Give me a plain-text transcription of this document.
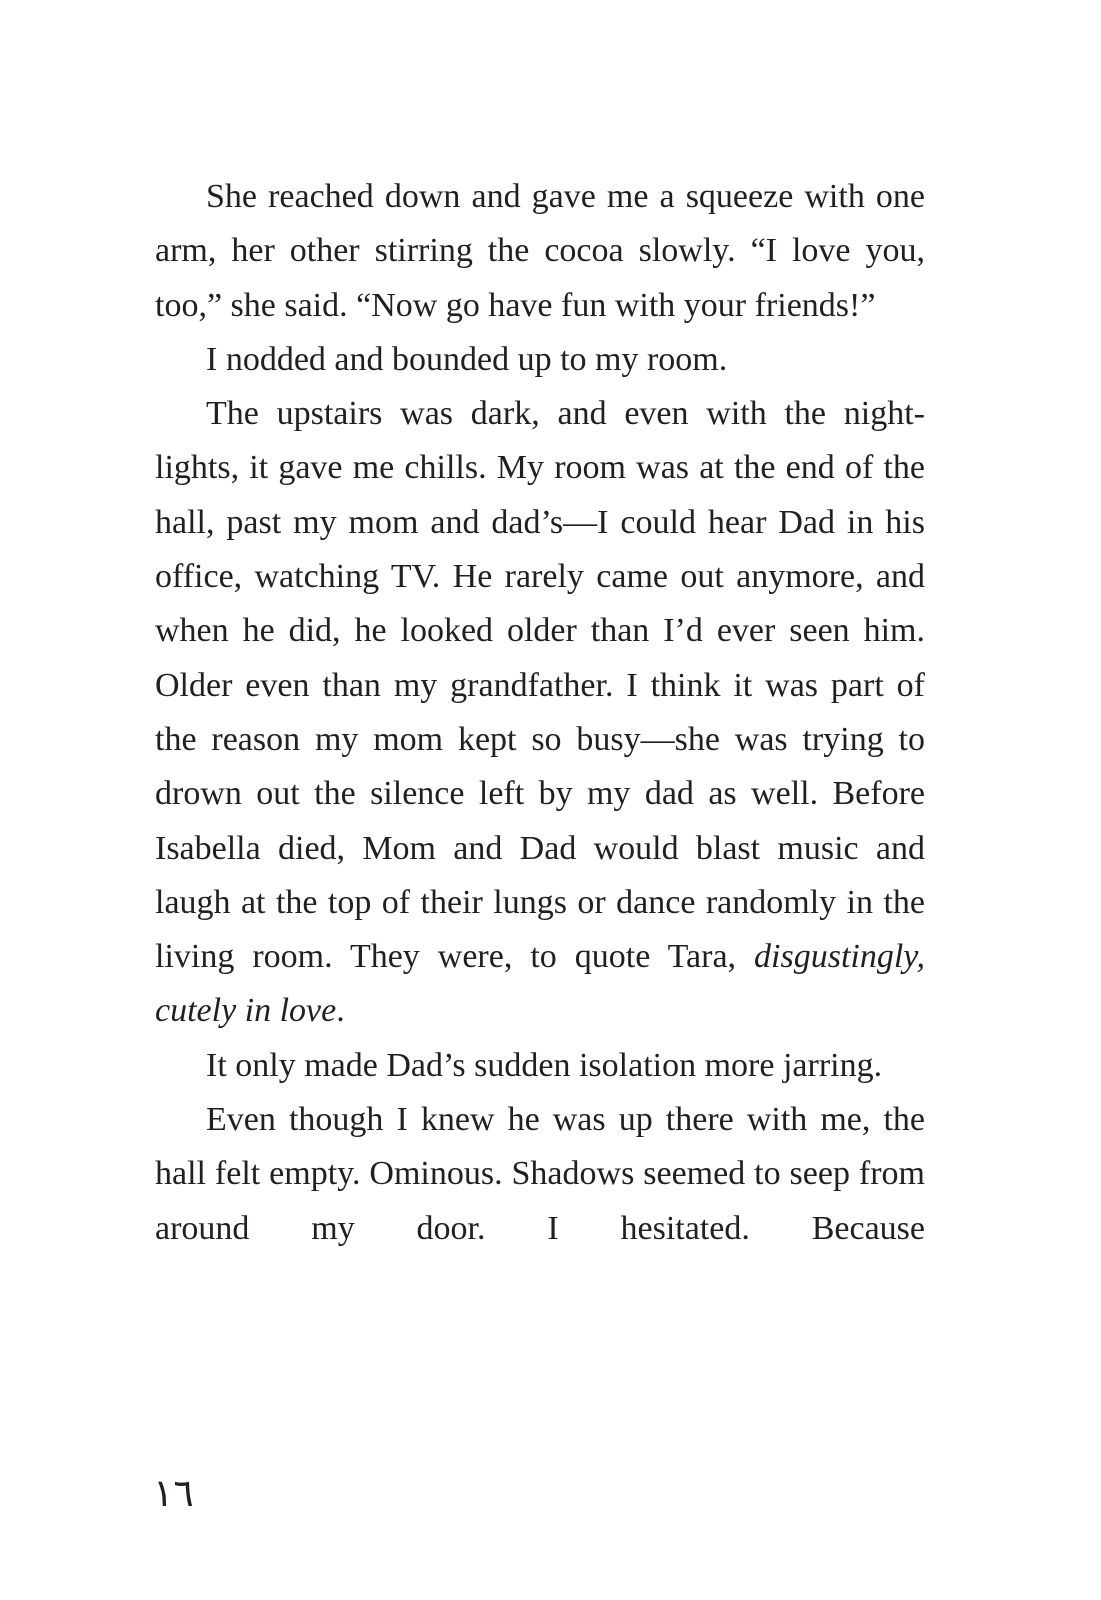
She reached down and gave me a squeeze with one arm, her other stirring the cocoa slowly. “I love you, too,” she said. “Now go have fun with your friends!”

I nodded and bounded up to my room.

The upstairs was dark, and even with the night-lights, it gave me chills. My room was at the end of the hall, past my mom and dad’s—I could hear Dad in his office, watching TV. He rarely came out anymore, and when he did, he looked older than I’d ever seen him. Older even than my grandfather. I think it was part of the reason my mom kept so busy—she was trying to drown out the silence left by my dad as well. Before Isabella died, Mom and Dad would blast music and laugh at the top of their lungs or dance randomly in the living room. They were, to quote Tara, disgustingly, cutely in love.

It only made Dad’s sudden isolation more jarring.

Even though I knew he was up there with me, the hall felt empty. Ominous. Shadows seemed to seep from around my door. I hesitated. Because

١٦
